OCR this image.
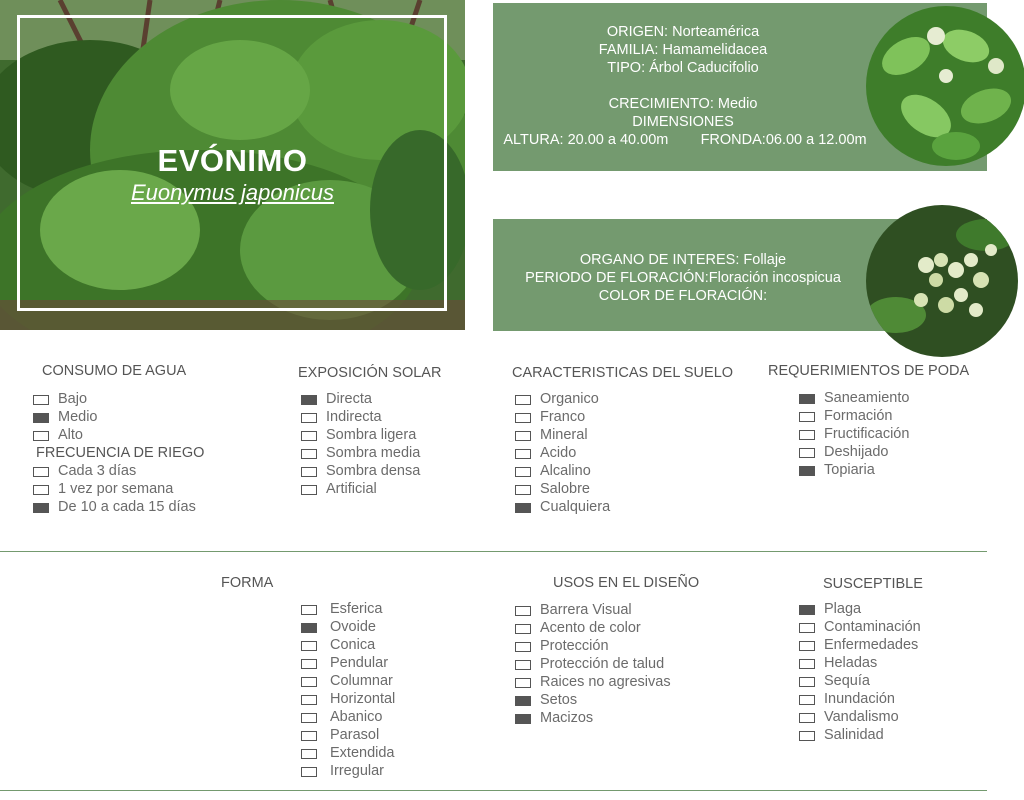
EVÓNIMO
Euonymus japonicus
ORIGEN: Norteamérica
FAMILIA: Hamamelidacea
TIPO: Árbol Caducifolio
CRECIMIENTO: Medio
DIMENSIONES
ALTURA: 20.00 a 40.00m        FRONDA:06.00 a 12.00m
ORGANO DE INTERES: Follaje
PERIODO DE FLORACIÓN:Floración incospicua
COLOR DE FLORACIÓN:
CONSUMO DE AGUA
Bajo
Medio
Alto
FRECUENCIA DE RIEGO
Cada 3 días
1 vez por semana
De 10 a cada 15 días
EXPOSICIÓN SOLAR
Directa
Indirecta
Sombra ligera
Sombra media
Sombra densa
Artificial
CARACTERISTICAS DEL SUELO
Organico
Franco
Mineral
Acido
Alcalino
Salobre
Cualquiera
REQUERIMIENTOS DE PODA
Saneamiento
Formación
Fructificación
Deshijado
Topiaria
FORMA
Esferica
Ovoide
Conica
Pendular
Columnar
Horizontal
Abanico
Parasol
Extendida
Irregular
USOS EN EL DISEÑO
Barrera Visual
Acento de color
Protección
Protección de talud
Raices no agresivas
Setos
Macizos
SUSCEPTIBLE
Plaga
Contaminación
Enfermedades
Heladas
Sequía
Inundación
Vandalismo
Salinidad
